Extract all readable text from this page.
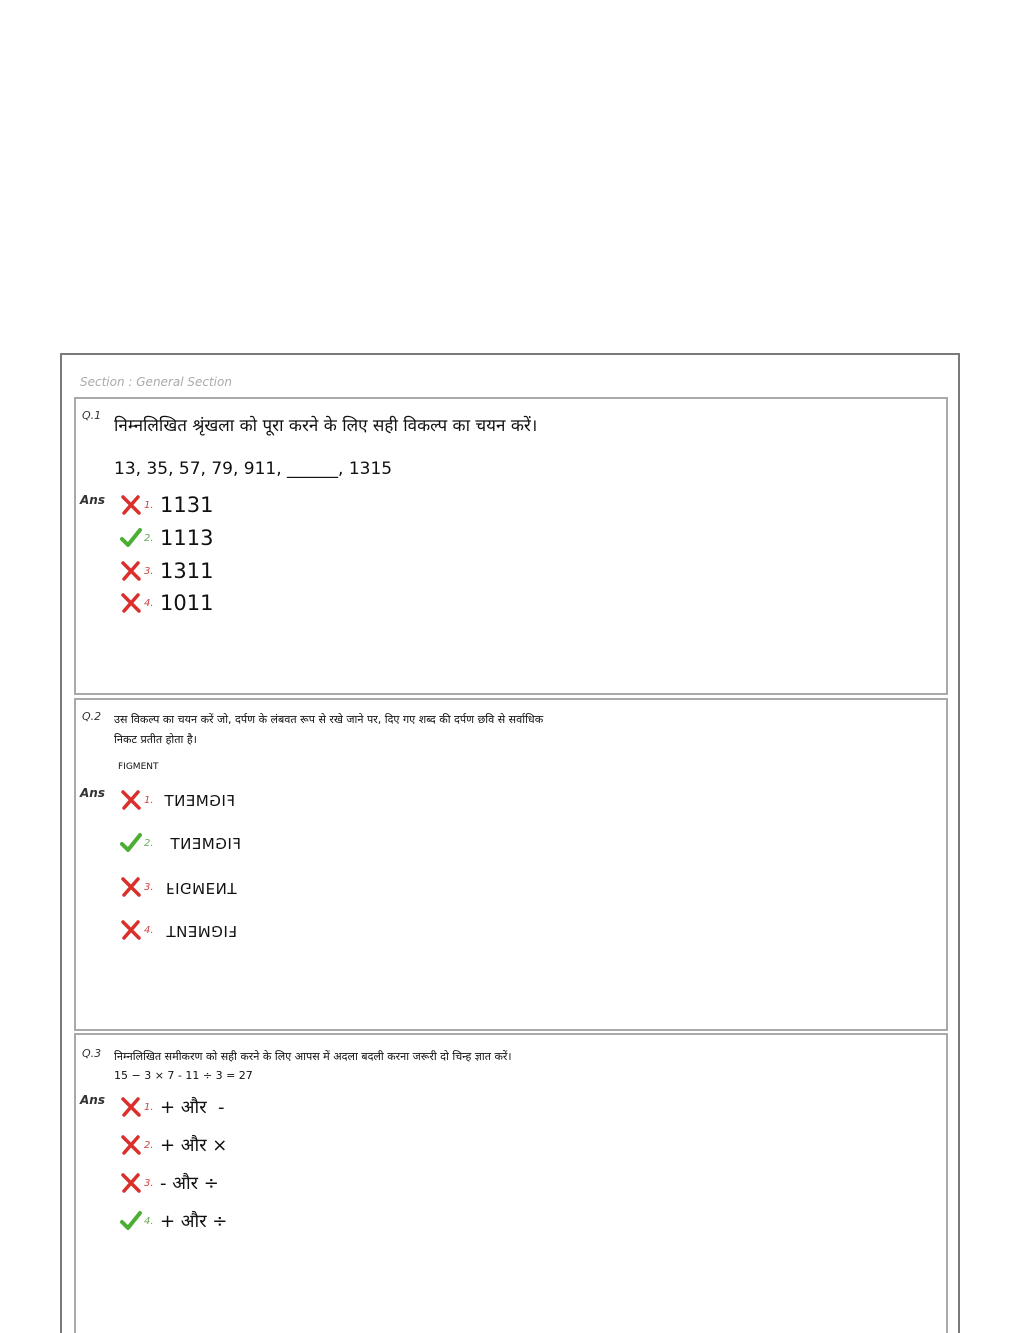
Section : General Section
Q.1
निम्नलिखित श्रृंखला को पूरा करने के लिए सही विकल्प का चयन करें।
13, 35, 57, 79, 911, ______, 1315
Ans	1. 1131
2. 1113
3. 1311
4. 1011
Q.2 उस विकल्प का चयन करें जो, दर्पण के लंबवत रूप से रखे जाने पर, दिए गए शब्द की दर्पण छवि से सर्वाधिक
निकट प्रतीत होता है।
FIGMENT
Ans	1. FIGMENT
2.	FIGMENT
3. FIGMENT
4. FIGMENT
Q.3 निम्नलिखित समीकरण को सही करने के लिए आपस में अदला बदली करना जरूरी दो चिन्ह ज्ञात करें।
15 − 3 × 7 - 11 ÷ 3 = 27
Ans	1. + और  -
2. + और ×
3. - और ÷
4. + और ÷
